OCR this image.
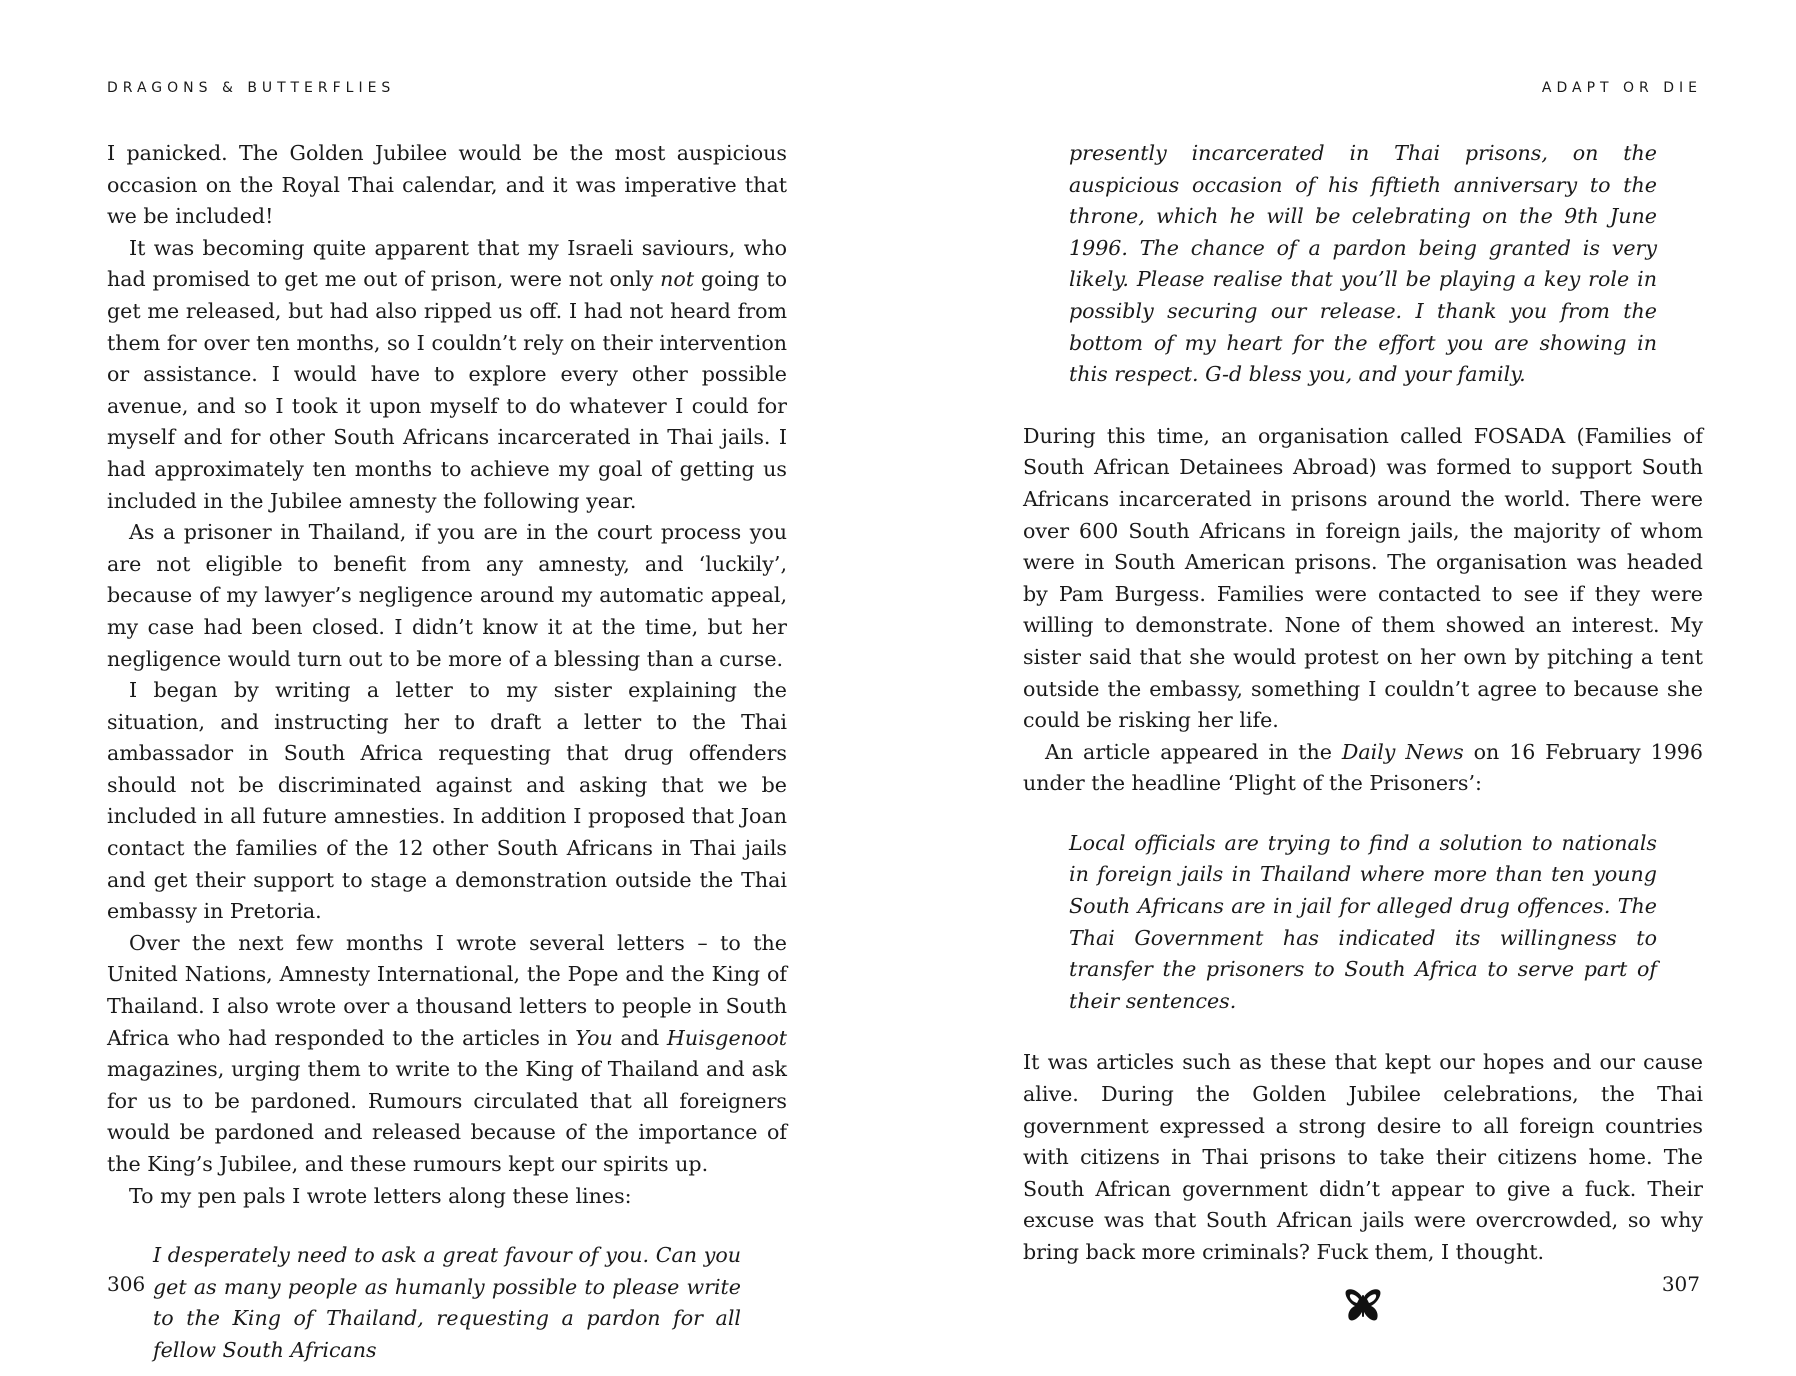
DRAGONS & BUTTERFLIES

I panicked. The Golden Jubilee would be the most auspicious occasion on the Royal Thai calendar, and it was imperative that we be included!

It was becoming quite apparent that my Israeli saviours, who had promised to get me out of prison, were not only not going to get me released, but had also ripped us off. I had not heard from them for over ten months, so I couldn’t rely on their intervention or assistance. I would have to explore every other possible avenue, and so I took it upon myself to do whatever I could for myself and for other South Africans incarcerated in Thai jails. I had approximately ten months to achieve my goal of getting us included in the Jubilee amnesty the following year.

As a prisoner in Thailand, if you are in the court process you are not eligible to benefit from any amnesty, and ‘luckily’, because of my lawyer’s negligence around my automatic appeal, my case had been closed. I didn’t know it at the time, but her negligence would turn out to be more of a blessing than a curse.

I began by writing a letter to my sister explaining the situation, and instructing her to draft a letter to the Thai ambassador in South Africa requesting that drug offenders should not be discriminated against and asking that we be included in all future amnesties. In addition I proposed that Joan contact the families of the 12 other South Africans in Thai jails and get their support to stage a demonstration outside the Thai embassy in Pretoria.

Over the next few months I wrote several letters – to the United Nations, Amnesty International, the Pope and the King of Thailand. I also wrote over a thousand letters to people in South Africa who had responded to the articles in You and Huisgenoot magazines, urging them to write to the King of Thailand and ask for us to be pardoned. Rumours circulated that all foreigners would be pardoned and released because of the importance of the King’s Jubilee, and these rumours kept our spirits up.

To my pen pals I wrote letters along these lines:

I desperately need to ask a great favour of you. Can you get as many people as humanly possible to please write to the King of Thailand, requesting a pardon for all fellow South Africans
306
ADAPT OR DIE
presently incarcerated in Thai prisons, on the auspicious occasion of his fiftieth anniversary to the throne, which he will be celebrating on the 9th June 1996. The chance of a pardon being granted is very likely. Please realise that you’ll be playing a key role in possibly securing our release. I thank you from the bottom of my heart for the effort you are showing in this respect. G-d bless you, and your family.

During this time, an organisation called FOSADA (Families of South African Detainees Abroad) was formed to support South Africans incarcerated in prisons around the world. There were over 600 South Africans in foreign jails, the majority of whom were in South American prisons. The organisation was headed by Pam Burgess. Families were contacted to see if they were willing to demonstrate. None of them showed an interest. My sister said that she would protest on her own by pitching a tent outside the embassy, something I couldn’t agree to because she could be risking her life.

An article appeared in the Daily News on 16 February 1996 under the headline ‘Plight of the Prisoners’:

Local officials are trying to find a solution to nationals in foreign jails in Thailand where more than ten young South Africans are in jail for alleged drug offences. The Thai Government has indicated its willingness to transfer the prisoners to South Africa to serve part of their sentences.

It was articles such as these that kept our hopes and our cause alive. During the Golden Jubilee celebrations, the Thai government expressed a strong desire to all foreign countries with citizens in Thai prisons to take their citizens home. The South African government didn’t appear to give a fuck. Their excuse was that South African jails were overcrowded, so why bring back more criminals? Fuck them, I thought.

307
